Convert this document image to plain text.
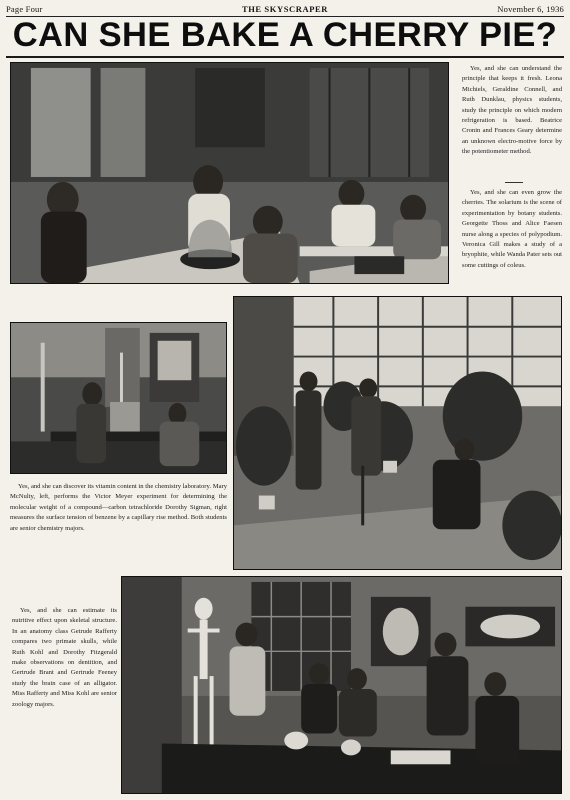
Page Four	THE SKYSCRAPER	November 6, 1936
CAN SHE BAKE A CHERRY PIE?
Yes, and she can understand the principle that keeps it fresh. Leona Michiels, Geraldine Connell, and Ruth Dunklau, physics students, study the principle on which modern refrigeration is based. Beatrice Cronin and Frances Geary determine an unknown electro-motive force by the potentiometer method.
Yes, and she can even grow the cherries. The solarium is the scene of experimentation by botany students. Georgette Thoss and Alice Faesen nurse along a species of polypodium. Veronica Gill makes a study of a bryophite, while Wanda Pater sets out some cuttings of coleus.
Yes, and she can discover its vitamin content in the chemistry laboratory. Mary McNulty, left, performs the Victor Meyer experiment for determining the molecular weight of a compound—carbon tetrachloride Dorothy Sigman, right measures the surface tension of benzene by a capillary rise method. Both students are senior chemistry majors.
Yes, and she can estimate its nutritive effect upon skeletal structure. In an anatomy class Getrude Rafferty compares two primate skulls, while Ruth Kohl and Dorothy Fitzgerald make observations on dentition, and Gertrude Brant and Gertrude Feeney study the brain case of an alligator. Miss Rafferty and Miss Kohl are senior zoology majors.
